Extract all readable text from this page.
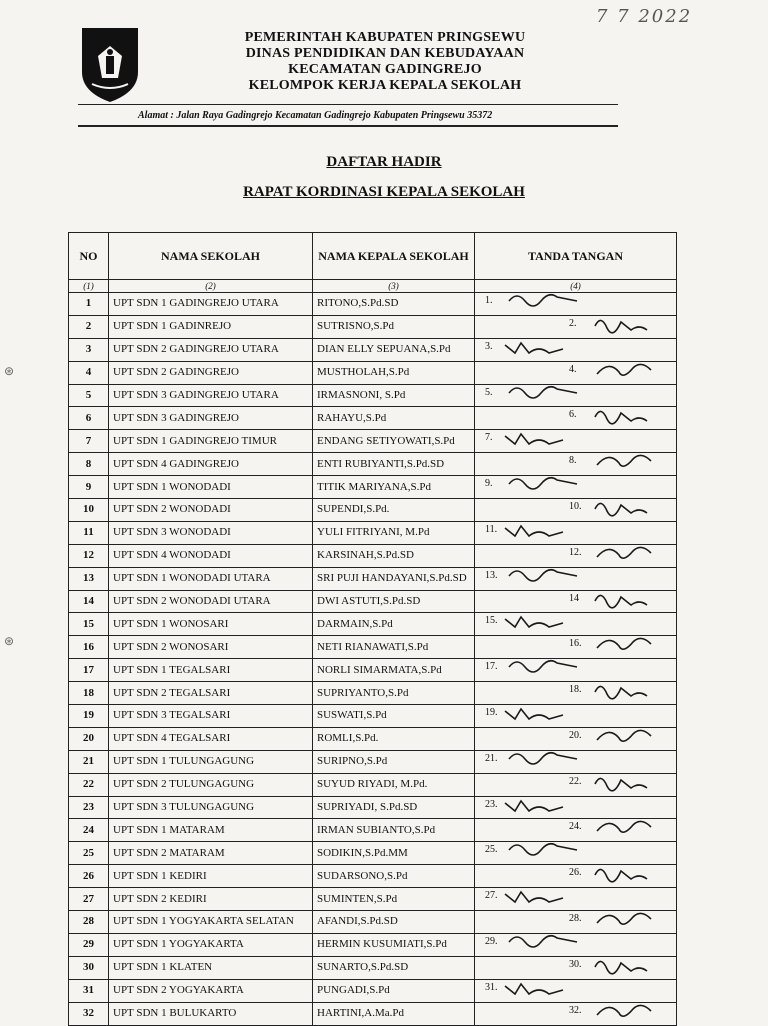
7 7 2022
PEMERINTAH KABUPATEN PRINGSEWU
DINAS PENDIDIKAN DAN KEBUDAYAAN
KECAMATAN GADINGREJO
KELOMPOK KERJA KEPALA SEKOLAH
Alamat : Jalan Raya Gadingrejo Kecamatan Gadingrejo Kabupaten Pringsewu 35372
DAFTAR HADIR
RAPAT KORDINASI KEPALA SEKOLAH
⊛
⊛
NO	NAMA SEKOLAH	NAMA KEPALA SEKOLAH	TANDA TANGAN
(1)	(2)	(3)	(4)
1	UPT SDN 1 GADINGREJO UTARA	RITONO,S.Pd.SD	1.

2	UPT SDN 1 GADINREJO	SUTRISNO,S.Pd	2.

3	UPT SDN 2 GADINGREJO UTARA	DIAN ELLY SEPUANA,S.Pd	3.

4	UPT SDN 2 GADINGREJO	MUSTHOLAH,S.Pd	4.

5	UPT SDN 3 GADINGREJO UTARA	IRMASNONI, S.Pd	5.

6	UPT SDN 3 GADINGREJO	RAHAYU,S.Pd	6.

7	UPT SDN 1 GADINGREJO TIMUR	ENDANG SETIYOWATI,S.Pd	7.

8	UPT SDN 4 GADINGREJO	ENTI RUBIYANTI,S.Pd.SD	8.

9	UPT SDN 1 WONODADI	TITIK MARIYANA,S.Pd	9.

10	UPT SDN 2 WONODADI	SUPENDI,S.Pd.	10.

11	UPT SDN 3 WONODADI	YULI FITRIYANI, M.Pd	11.

12	UPT SDN 4 WONODADI	KARSINAH,S.Pd.SD	12.

13	UPT SDN 1 WONODADI UTARA	SRI PUJI HANDAYANI,S.Pd.SD	13.

14	UPT SDN 2 WONODADI UTARA	DWI ASTUTI,S.Pd.SD	14

15	UPT SDN 1 WONOSARI	DARMAIN,S.Pd	15.

16	UPT SDN 2 WONOSARI	NETI RIANAWATI,S.Pd	16.

17	UPT SDN 1 TEGALSARI	NORLI SIMARMATA,S.Pd	17.

18	UPT SDN 2 TEGALSARI	SUPRIYANTO,S.Pd	18.

19	UPT SDN 3 TEGALSARI	SUSWATI,S.Pd	19.

20	UPT SDN 4 TEGALSARI	ROMLI,S.Pd.	20.

21	UPT SDN 1 TULUNGAGUNG	SURIPNO,S.Pd	21.

22	UPT SDN 2 TULUNGAGUNG	SUYUD RIYADI, M.Pd.	22.

23	UPT SDN 3 TULUNGAGUNG	SUPRIYADI, S.Pd.SD	23.

24	UPT SDN 1 MATARAM	IRMAN SUBIANTO,S.Pd	24.

25	UPT SDN 2 MATARAM	SODIKIN,S.Pd.MM	25.

26	UPT SDN 1 KEDIRI	SUDARSONO,S.Pd	26.

27	UPT SDN 2 KEDIRI	SUMINTEN,S.Pd	27.

28	UPT SDN 1 YOGYAKARTA SELATAN	AFANDI,S.Pd.SD	28.

29	UPT SDN 1 YOGYAKARTA	HERMIN KUSUMIATI,S.Pd	29.

30	UPT SDN 1 KLATEN	SUNARTO,S.Pd.SD	30.

31	UPT SDN 2 YOGYAKARTA	PUNGADI,S.Pd	31.

32	UPT SDN 1 BULUKARTO	HARTINI,A.Ma.Pd	32.
